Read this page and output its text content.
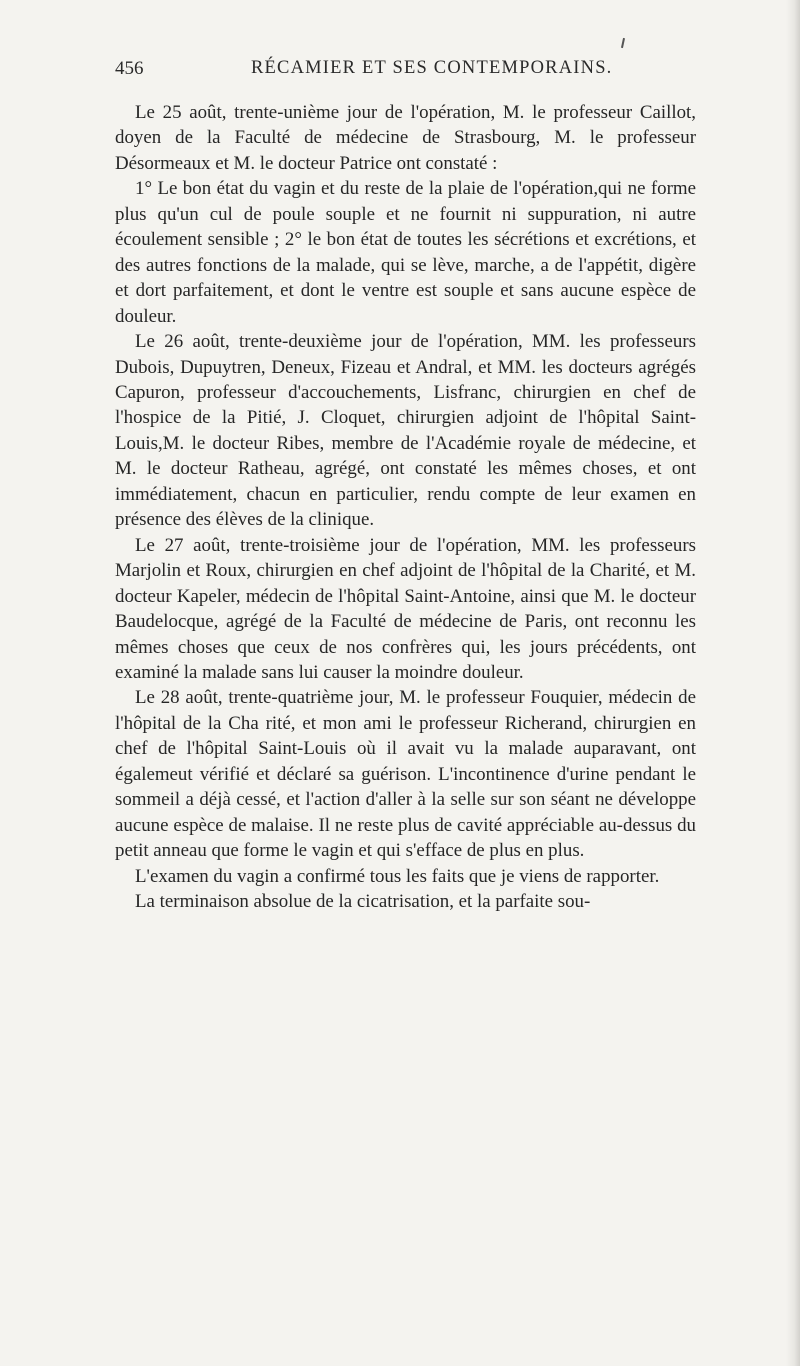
456	RÉCAMIER ET SES CONTEMPORAINS.

Le 25 août, trente-unième jour de l'opération, M. le professeur Caillot, doyen de la Faculté de médecine de Strasbourg, M. le professeur Désormeaux et M. le docteur Patrice ont constaté :

1° Le bon état du vagin et du reste de la plaie de l'opération,qui ne forme plus qu'un cul de poule souple et ne fournit ni suppuration, ni autre écoulement sensible ; 2° le bon état de toutes les sécrétions et excrétions, et des autres fonctions de la malade, qui se lève, marche, a de l'appétit, digère et dort parfaitement, et dont le ventre est souple et sans aucune espèce de douleur.

Le 26 août, trente-deuxième jour de l'opération, MM. les professeurs Dubois, Dupuytren, Deneux, Fizeau et Andral, et MM. les docteurs agrégés Capuron, professeur d'accouchements, Lisfranc, chirurgien en chef de l'hospice de la Pitié, J. Cloquet, chirurgien adjoint de l'hôpital Saint-Louis,M. le docteur Ribes, membre de l'Académie royale de médecine, et M. le docteur Ratheau, agrégé, ont constaté les mêmes choses, et ont immédiatement, chacun en particulier, rendu compte de leur examen en présence des élèves de la clinique.

Le 27 août, trente-troisième jour de l'opération, MM. les professeurs Marjolin et Roux, chirurgien en chef adjoint de l'hôpital de la Charité, et M. docteur Kapeler, médecin de l'hôpital Saint-Antoine, ainsi que M. le docteur Baudelocque, agrégé de la Faculté de médecine de Paris, ont reconnu les mêmes choses que ceux de nos confrères qui, les jours précédents, ont examiné la malade sans lui causer la moindre douleur.

Le 28 août, trente-quatrième jour, M. le professeur Fouquier, médecin de l'hôpital de la Cha rité, et mon ami le professeur Richerand, chirurgien en chef de l'hôpital Saint-Louis où il avait vu la malade auparavant, ont égalemeut vérifié et déclaré sa guérison. L'incontinence d'urine pendant le sommeil a déjà cessé, et l'action d'aller à la selle sur son séant ne développe aucune espèce de malaise. Il ne reste plus de cavité appréciable au-dessus du petit anneau que forme le vagin et qui s'efface de plus en plus.

L'examen du vagin a confirmé tous les faits que je viens de rapporter.

La terminaison absolue de la cicatrisation, et la parfaite sou-
